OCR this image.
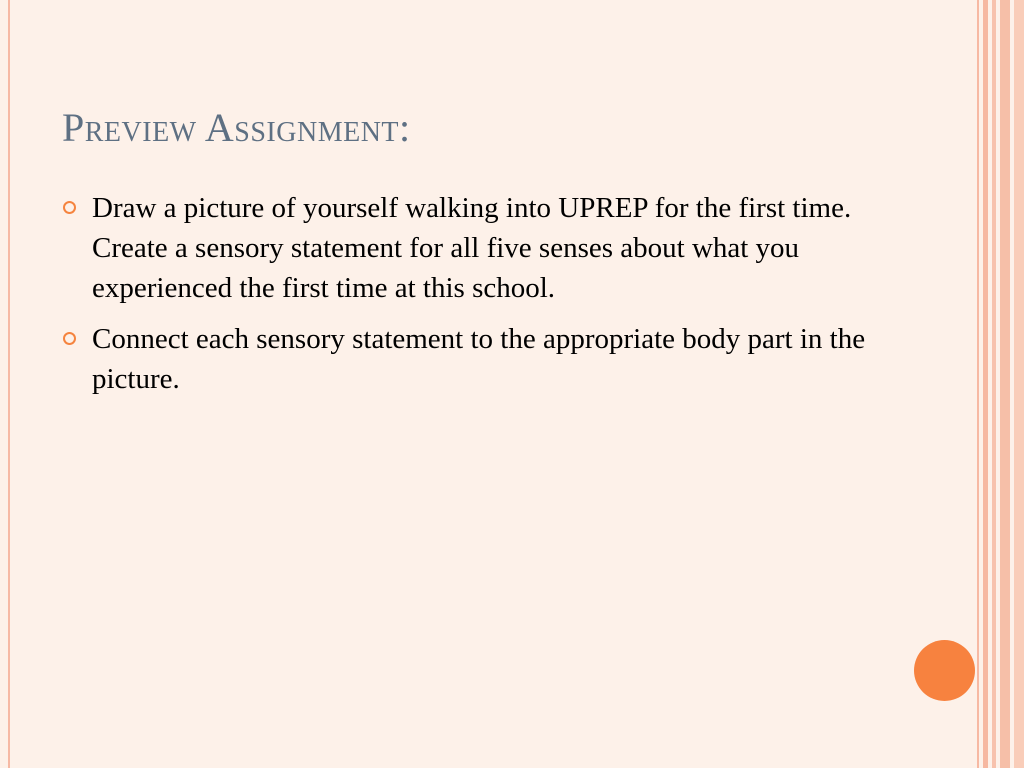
Preview Assignment:
Draw a picture of yourself walking into UPREP for the first time. Create a sensory statement for all five senses about what you experienced the first time at this school.
Connect each sensory statement to the appropriate body part in the picture.
